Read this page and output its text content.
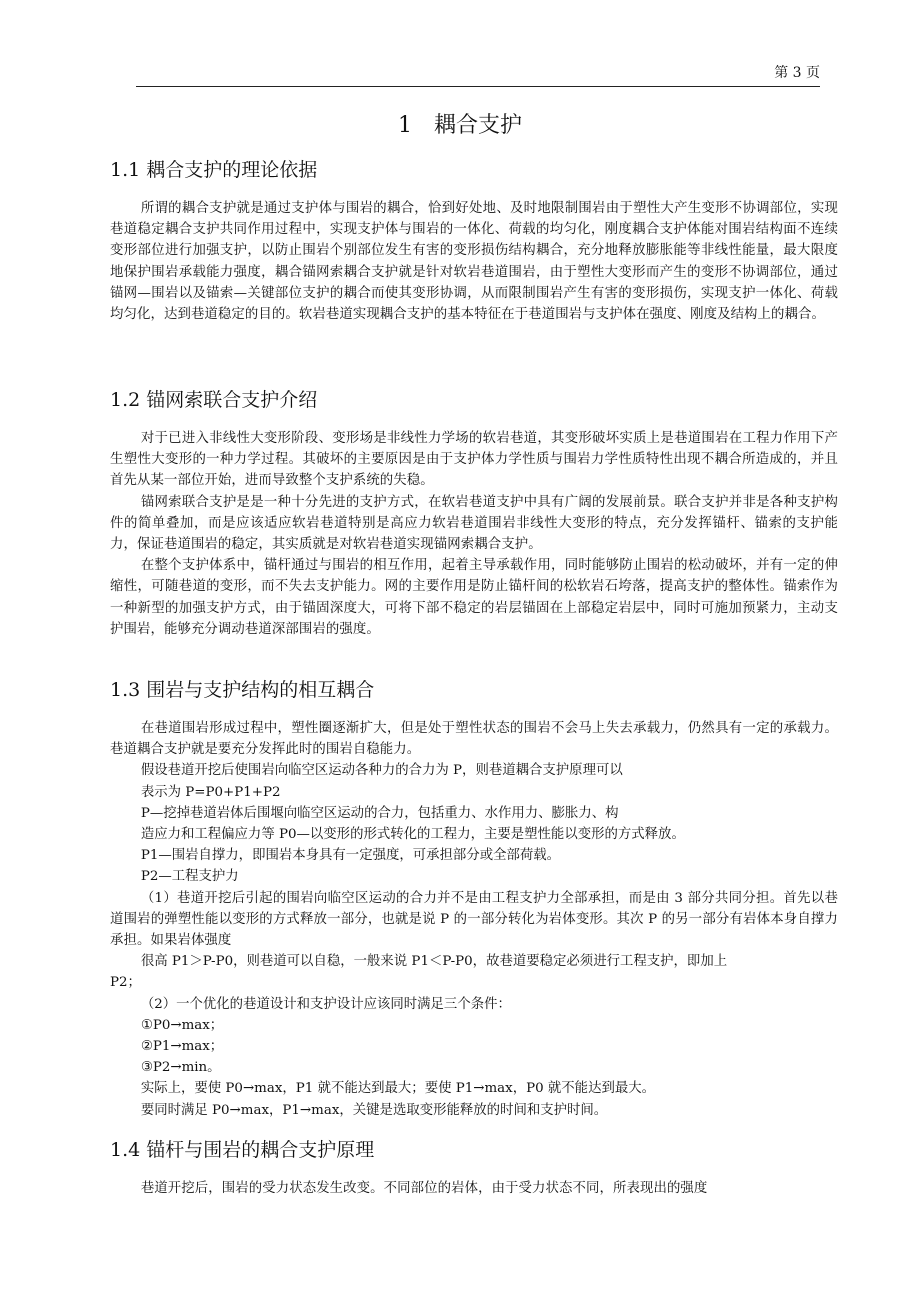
第 3 页
1 耦合支护
1.1 耦合支护的理论依据

所谓的耦合支护就是通过支护体与围岩的耦合，恰到好处地、及时地限制围岩由于塑性大产生变形不协调部位，实现巷道稳定耦合支护共同作用过程中，实现支护体与围岩的一体化、荷载的均匀化，刚度耦合支护体能对围岩结构面不连续变形部位进行加强支护，以防止围岩个别部位发生有害的变形损伤结构耦合，充分地释放膨胀能等非线性能量，最大限度地保护围岩承载能力强度，耦合锚网索耦合支护就是针对软岩巷道围岩，由于塑性大变形而产生的变形不协调部位，通过锚网—围岩以及锚索—关键部位支护的耦合而使其变形协调，从而限制围岩产生有害的变形损伤，实现支护一体化、荷载均匀化，达到巷道稳定的目的。软岩巷道实现耦合支护的基本特征在于巷道围岩与支护体在强度、刚度及结构上的耦合。

1.2 锚网索联合支护介绍

对于已进入非线性大变形阶段、变形场是非线性力学场的软岩巷道，其变形破坏实质上是巷道围岩在工程力作用下产生塑性大变形的一种力学过程。其破坏的主要原因是由于支护体力学性质与围岩力学性质特性出现不耦合所造成的，并且首先从某一部位开始，进而导致整个支护系统的失稳。

锚网索联合支护是是一种十分先进的支护方式，在软岩巷道支护中具有广阔的发展前景。联合支护并非是各种支护构件的简单叠加，而是应该适应软岩巷道特别是高应力软岩巷道围岩非线性大变形的特点，充分发挥锚杆、锚索的支护能力，保证巷道围岩的稳定，其实质就是对软岩巷道实现锚网索耦合支护。

在整个支护体系中，锚杆通过与围岩的相互作用，起着主导承载作用，同时能够防止围岩的松动破坏，并有一定的伸缩性，可随巷道的变形，而不失去支护能力。网的主要作用是防止锚杆间的松软岩石垮落，提高支护的整体性。锚索作为一种新型的加强支护方式，由于锚固深度大，可将下部不稳定的岩层锚固在上部稳定岩层中，同时可施加预紧力，主动支护围岩，能够充分调动巷道深部围岩的强度。

1.3 围岩与支护结构的相互耦合

在巷道围岩形成过程中，塑性圈逐渐扩大，但是处于塑性状态的围岩不会马上失去承载力，仍然具有一定的承载力。巷道耦合支护就是要充分发挥此时的围岩自稳能力。

假设巷道开挖后使围岩向临空区运动各种力的合力为 P，则巷道耦合支护原理可以

表示为 P=P0+P1+P2

P—挖掉巷道岩体后围堰向临空区运动的合力，包括重力、水作用力、膨胀力、构

造应力和工程偏应力等 P0—以变形的形式转化的工程力，主要是塑性能以变形的方式释放。

P1—围岩自撑力，即围岩本身具有一定强度，可承担部分或全部荷载。

P2—工程支护力

（1）巷道开挖后引起的围岩向临空区运动的合力并不是由工程支护力全部承担，而是由 3 部分共同分担。首先以巷道围岩的弹塑性能以变形的方式释放一部分，也就是说 P 的一部分转化为岩体变形。其次 P 的另一部分有岩体本身自撑力承担。如果岩体强度

很高 P1＞P-P0，则巷道可以自稳，一般来说 P1＜P-P0，故巷道要稳定必须进行工程支护，即加上

P2；

（2）一个优化的巷道设计和支护设计应该同时满足三个条件：

①P0→max；

②P1→max；

③P2→min。

实际上，要使 P0→max，P1 就不能达到最大；要使 P1→max，P0 就不能达到最大。

要同时满足 P0→max，P1→max，关键是选取变形能释放的时间和支护时间。

1.4 锚杆与围岩的耦合支护原理

巷道开挖后，围岩的受力状态发生改变。不同部位的岩体，由于受力状态不同，所表现出的强度
